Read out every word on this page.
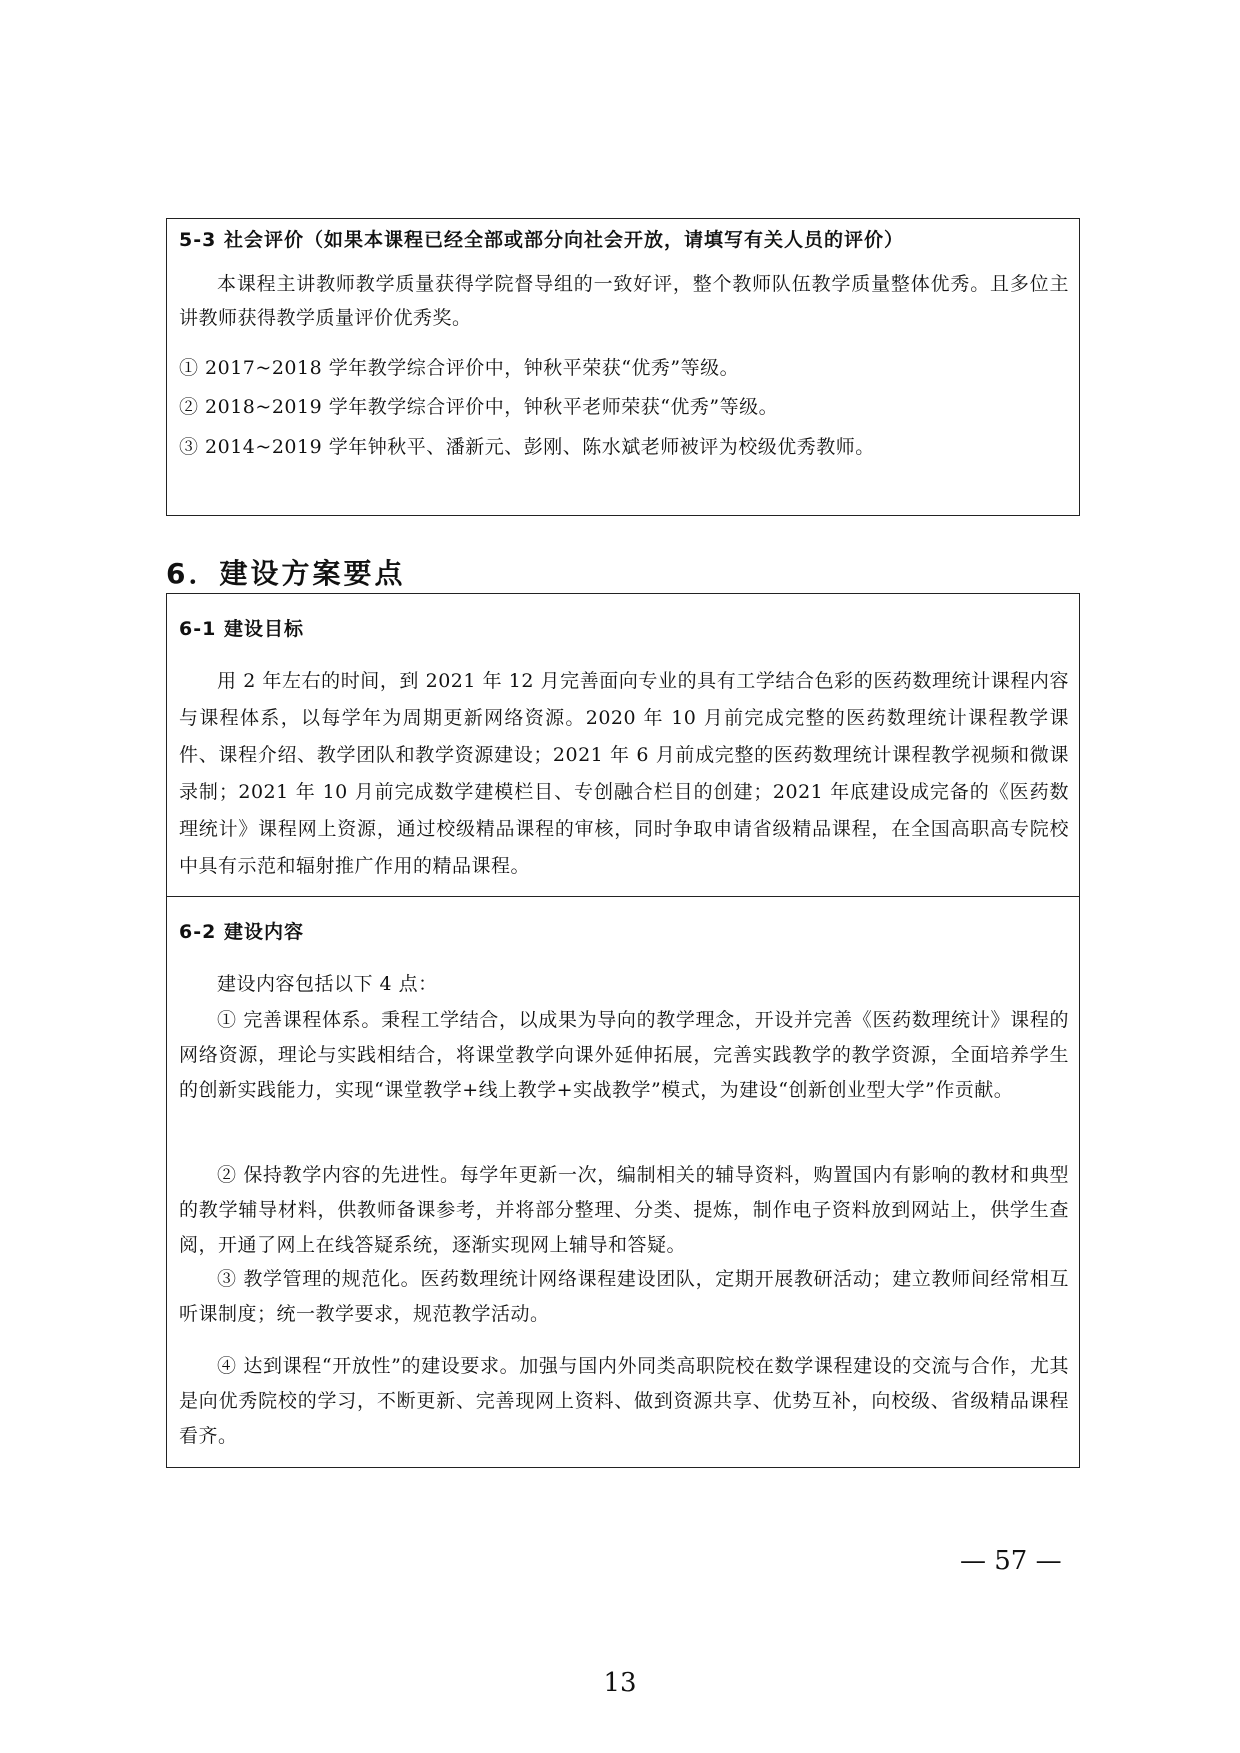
5-3 社会评价（如果本课程已经全部或部分向社会开放，请填写有关人员的评价）
本课程主讲教师教学质量获得学院督导组的一致好评，整个教师队伍教学质量整体优秀。且多位主讲教师获得教学质量评价优秀奖。
① 2017~2018 学年教学综合评价中，钟秋平荣获“优秀”等级。
② 2018~2019 学年教学综合评价中，钟秋平老师荣获“优秀”等级。
③ 2014~2019 学年钟秋平、潘新元、彭刚、陈水斌老师被评为校级优秀教师。
6．建设方案要点
6-1 建设目标
用 2 年左右的时间，到 2021 年 12 月完善面向专业的具有工学结合色彩的医药数理统计课程内容与课程体系，以每学年为周期更新网络资源。2020 年 10 月前完成完整的医药数理统计课程教学课件、课程介绍、教学团队和教学资源建设；2021 年 6 月前成完整的医药数理统计课程教学视频和微课录制；2021 年 10 月前完成数学建模栏目、专创融合栏目的创建；2021 年底建设成完备的《医药数理统计》课程网上资源，通过校级精品课程的审核，同时争取申请省级精品课程，在全国高职高专院校中具有示范和辐射推广作用的精品课程。
6-2 建设内容
建设内容包括以下 4 点：
① 完善课程体系。秉程工学结合，以成果为导向的教学理念，开设并完善《医药数理统计》课程的网络资源，理论与实践相结合，将课堂教学向课外延伸拓展，完善实践教学的教学资源，全面培养学生的创新实践能力，实现“课堂教学+线上教学+实战教学”模式，为建设“创新创业型大学”作贡献。
② 保持教学内容的先进性。每学年更新一次，编制相关的辅导资料，购置国内有影响的教材和典型的教学辅导材料，供教师备课参考，并将部分整理、分类、提炼，制作电子资料放到网站上，供学生查阅，开通了网上在线答疑系统，逐渐实现网上辅导和答疑。
③ 教学管理的规范化。医药数理统计网络课程建设团队，定期开展教研活动；建立教师间经常相互听课制度；统一教学要求，规范教学活动。
④ 达到课程“开放性”的建设要求。加强与国内外同类高职院校在数学课程建设的交流与合作，尤其是向优秀院校的学习，不断更新、完善现网上资料、做到资源共享、优势互补，向校级、省级精品课程看齐。
— 57 —
13
